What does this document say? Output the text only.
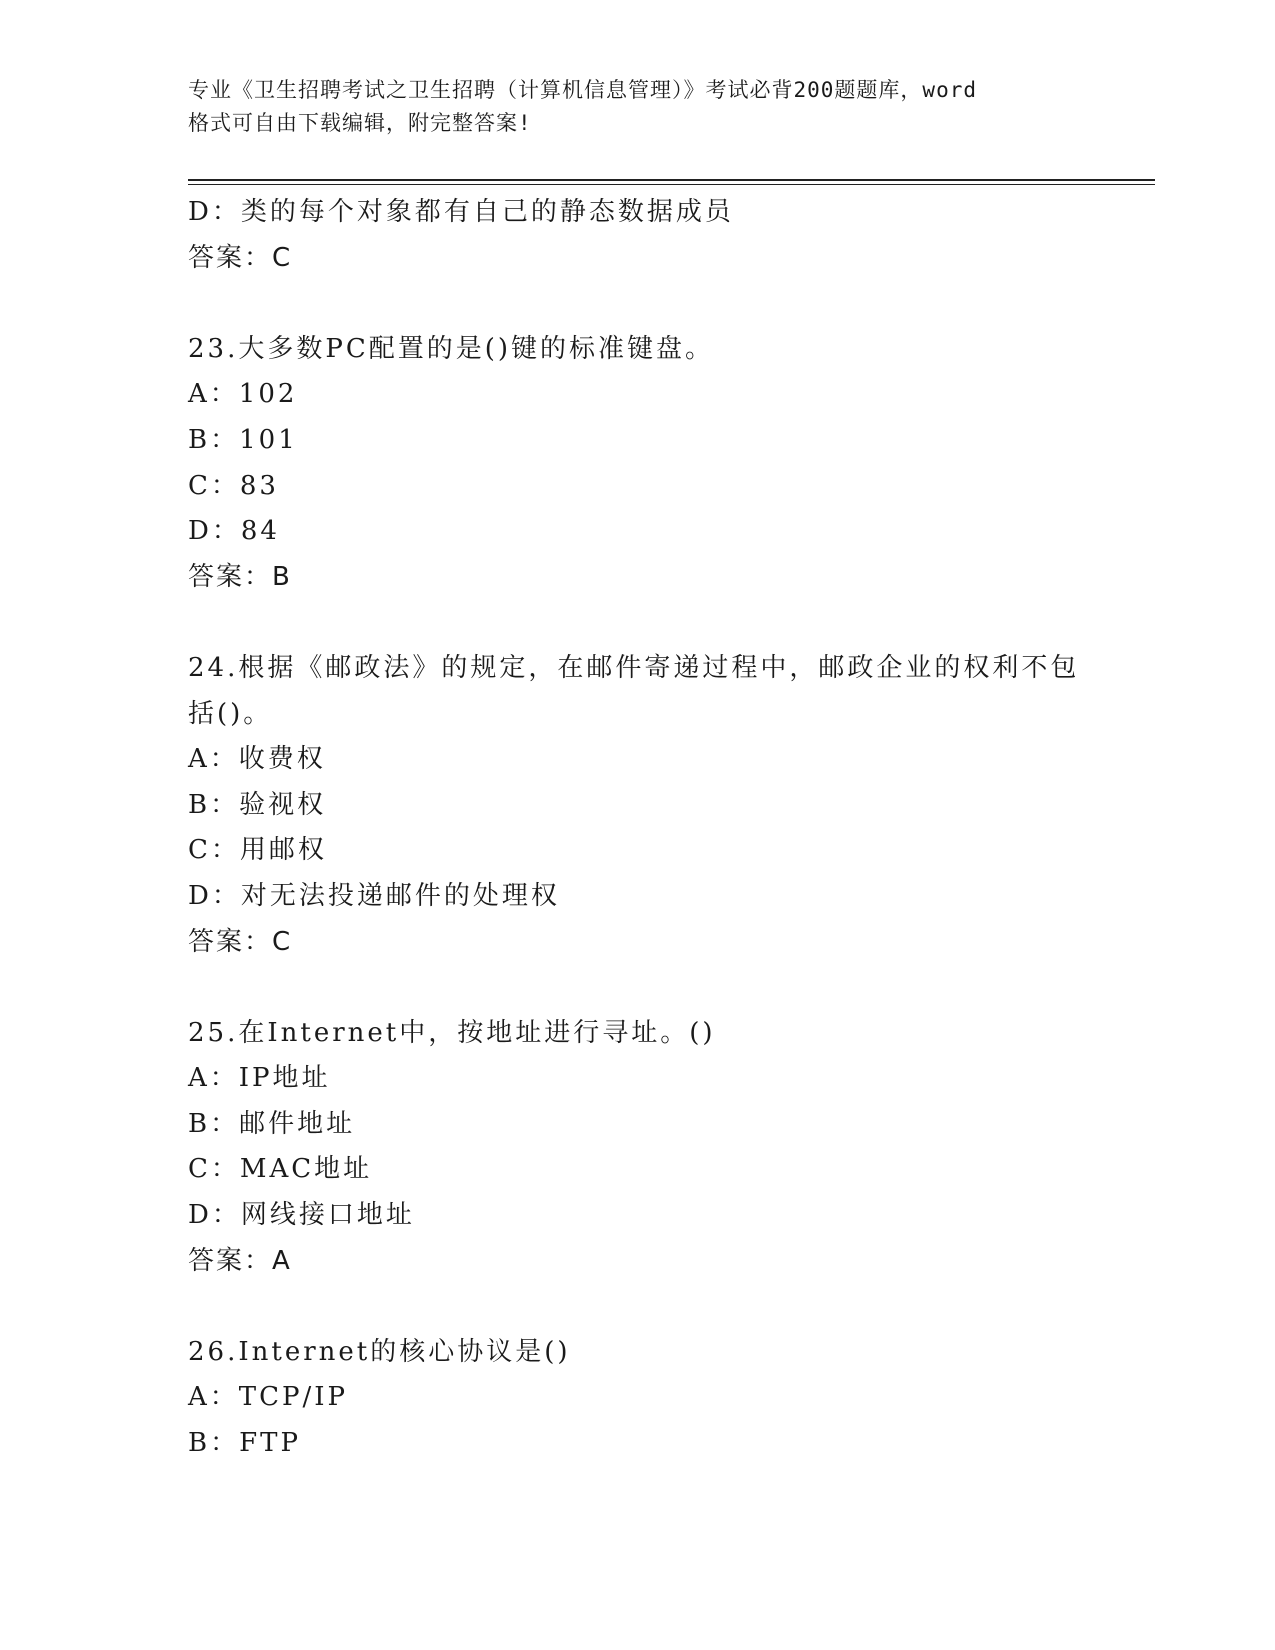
专业《卫生招聘考试之卫生招聘（计算机信息管理）》考试必背200题题库，word
格式可自由下载编辑，附完整答案!
D：类的每个对象都有自己的静态数据成员
答案：C
23.大多数PC配置的是()键的标准键盘。
A：102
B：101
C：83
D：84
答案：B
24.根据《邮政法》的规定，在邮件寄递过程中，邮政企业的权利不包
括()。
A：收费权
B：验视权
C：用邮权
D：对无法投递邮件的处理权
答案：C
25.在Internet中，按地址进行寻址。()
A：IP地址
B：邮件地址
C：MAC地址
D：网线接口地址
答案：A
26.Internet的核心协议是()
A：TCP/IP
B：FTP
